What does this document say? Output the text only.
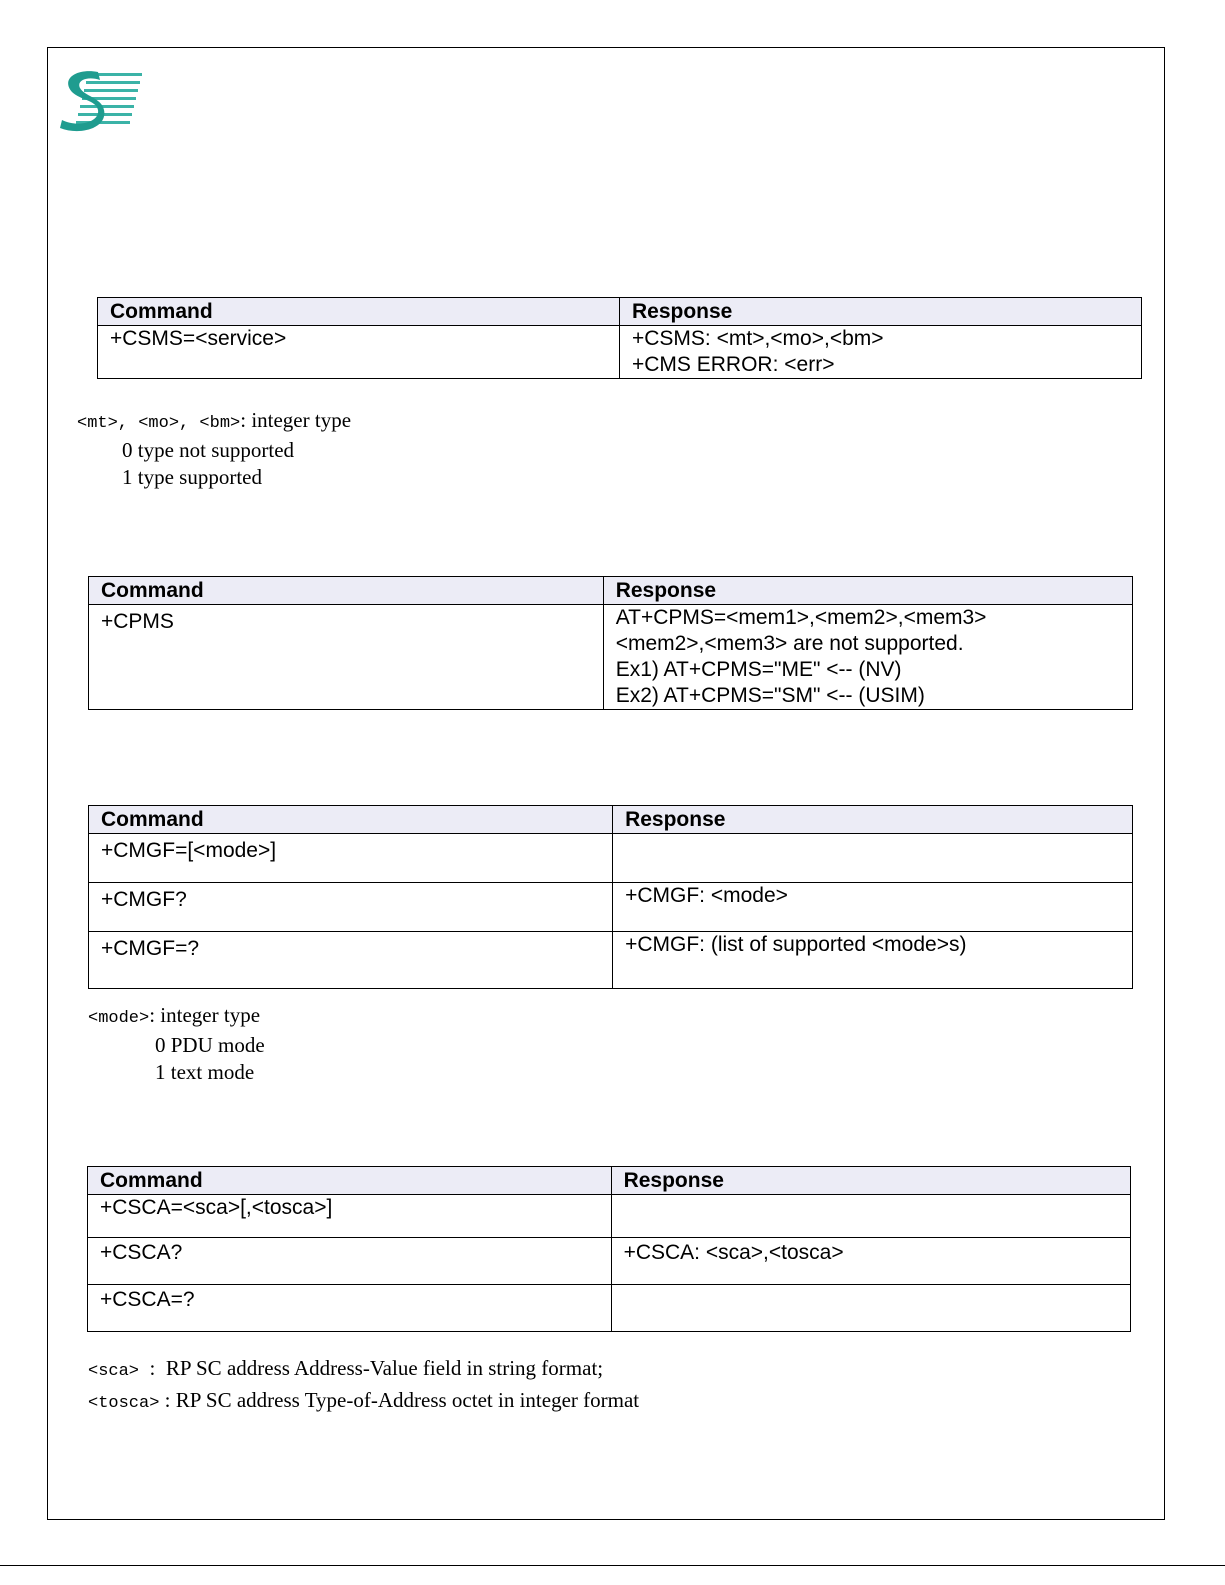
Command	Response

+CSMS=<service>	+CSMS: <mt>,<mo>,<bm>
+CMS ERROR: <err>
<mt>, <mo>, <bm>: integer type
0 type not supported
1 type supported
Command	Response

+CPMS	AT+CPMS=<mem1>,<mem2>,<mem3>
<mem2>,<mem3> are not supported.
Ex1) AT+CPMS="ME" <-- (NV)
Ex2) AT+CPMS="SM" <-- (USIM)
Command	Response
+CMGF=[<mode>]	
+CMGF?	+CMGF: <mode>
+CMGF=?	+CMGF: (list of supported <mode>s)
<mode>: integer type
0 PDU mode
1 text mode
Command	Response
+CSCA=<sca>[,<tosca>]	
+CSCA?	+CSCA: <sca>,<tosca>
+CSCA=?	
<sca>  :  RP SC address Address-Value field in string format;
<tosca> : RP SC address Type-of-Address octet in integer format
